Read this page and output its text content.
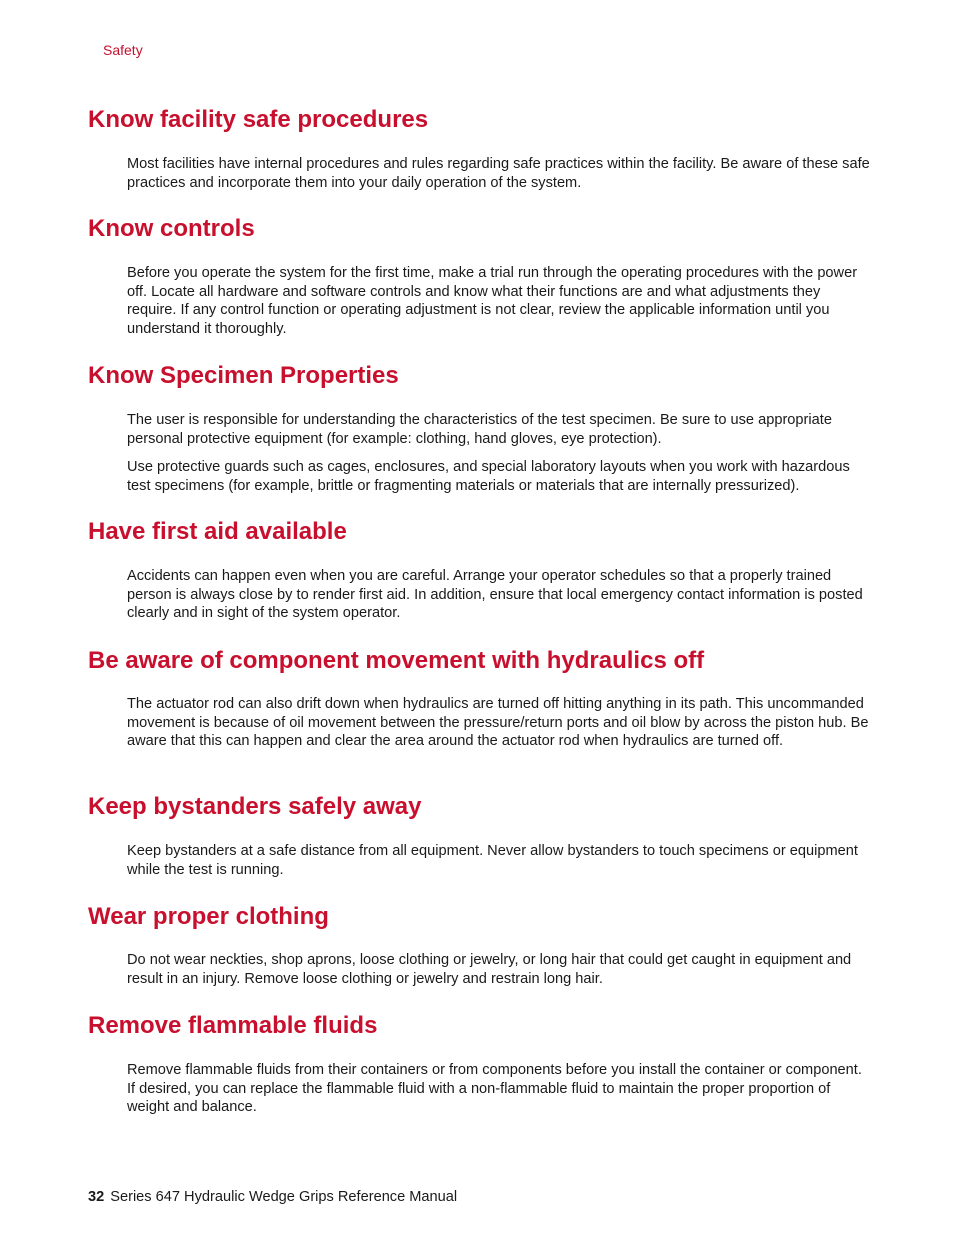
Safety
Know facility safe procedures

Most facilities have internal procedures and rules regarding safe practices within the facility. Be aware of these safe practices and incorporate them into your daily operation of the system.

Know controls

Before you operate the system for the first time, make a trial run through the operating procedures with the power off. Locate all hardware and software controls and know what their functions are and what adjustments they require. If any control function or operating adjustment is not clear, review the applicable information until you understand it thoroughly.

Know Specimen Properties

The user is responsible for understanding the characteristics of the test specimen. Be sure to use appropriate personal protective equipment (for example: clothing, hand gloves, eye protection).

Use protective guards such as cages, enclosures, and special laboratory layouts when you work with hazardous test specimens (for example, brittle or fragmenting materials or materials that are internally pressurized).

Have first aid available

Accidents can happen even when you are careful. Arrange your operator schedules so that a properly trained person is always close by to render first aid. In addition, ensure that local emergency contact information is posted clearly and in sight of the system operator.

Be aware of component movement with hydraulics off

The actuator rod can also drift down when hydraulics are turned off hitting anything in its path. This uncommanded movement is because of oil movement between the pressure/return ports and oil blow by across the piston hub. Be aware that this can happen and clear the area around the actuator rod when hydraulics are turned off.

Keep bystanders safely away

Keep bystanders at a safe distance from all equipment. Never allow bystanders to touch specimens or equipment while the test is running.

Wear proper clothing

Do not wear neckties, shop aprons, loose clothing or jewelry, or long hair that could get caught in equipment and result in an injury. Remove loose clothing or jewelry and restrain long hair.

Remove flammable fluids

Remove flammable fluids from their containers or from components before you install the container or component. If desired, you can replace the flammable fluid with a non-flammable fluid to maintain the proper proportion of weight and balance.

32 Series 647 Hydraulic Wedge Grips Reference Manual
